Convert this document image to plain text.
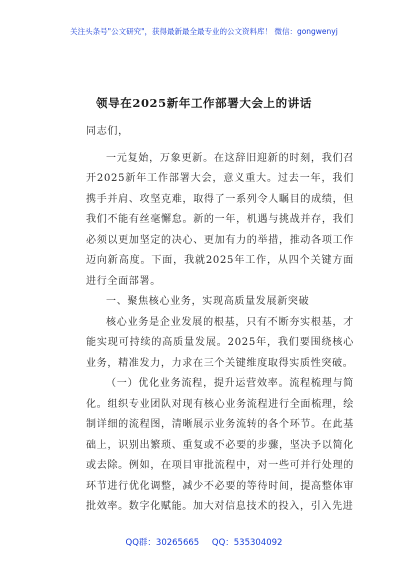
关注头条号"公文研究"，获得最新最全最专业的公文资料库！ 微信：gongwenyj
领导在2025新年工作部署大会上的讲话

同志们，

一元复始，万象更新。在这辞旧迎新的时刻，我们召开2025新年工作部署大会，意义重大。过去一年，我们携手并肩、攻坚克难，取得了一系列令人瞩目的成绩，但我们不能有丝毫懈怠。新的一年，机遇与挑战并存，我们必须以更加坚定的决心、更加有力的举措，推动各项工作迈向新高度。下面，我就2025年工作，从四个关键方面进行全面部署。

一、聚焦核心业务，实现高质量发展新突破

核心业务是企业发展的根基，只有不断夯实根基，才能实现可持续的高质量发展。2025年，我们要围绕核心业务，精准发力，力求在三个关键维度取得实质性突破。

（一）优化业务流程，提升运营效率。流程梳理与简化。组织专业团队对现有核心业务流程进行全面梳理，绘制详细的流程图，清晰展示业务流转的各个环节。在此基础上，识别出繁琐、重复或不必要的步骤，坚决予以简化或去除。例如，在项目审批流程中，对一些可并行处理的环节进行优化调整，减少不必要的等待时间，提高整体审批效率。数字化赋能。加大对信息技术的投入，引入先进

QQ群：30265665 QQ：535304092
